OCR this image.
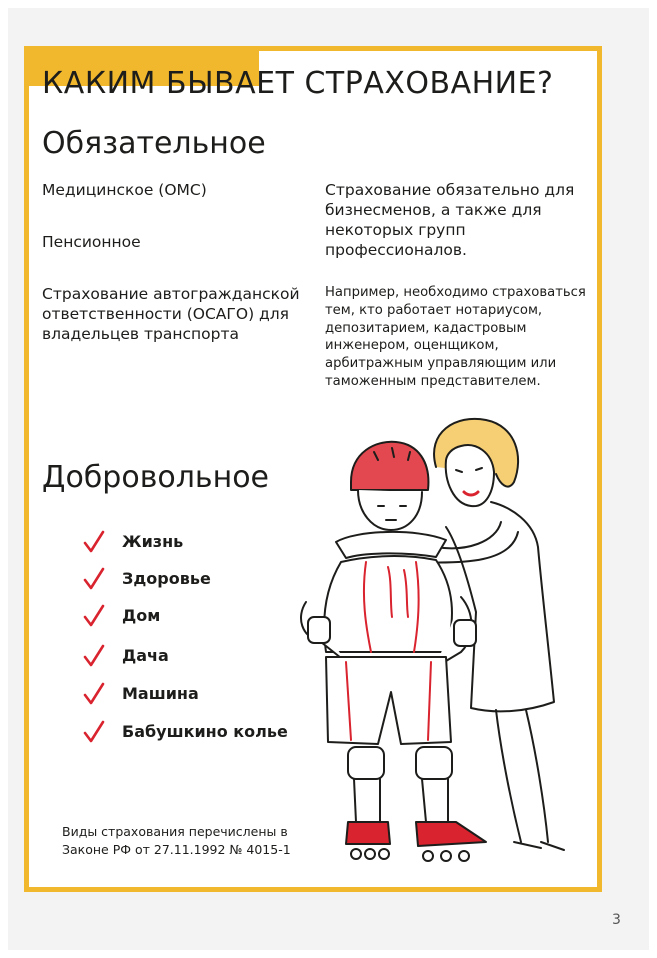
КАКИМ БЫВАЕТ СТРАХОВАНИЕ?
Обязательное
Медицинское (ОМС)
Пенсионное
Страхование автогражданской ответственности (ОСАГО) для владельцев транспорта
Страхование обязательно для бизнесменов, а также для некоторых групп профессионалов.
Например, необходимо страховаться тем, кто работает нотариусом, депозитарием, кадастровым инженером, оценщиком, арбитражным управляющим или таможенным представителем.
Добровольное
Жизнь
Здоровье
Дом
Дача
Машина
Бабушкино колье
Виды страхования перечислены в Законе РФ от 27.11.1992 № 4015-1
3
